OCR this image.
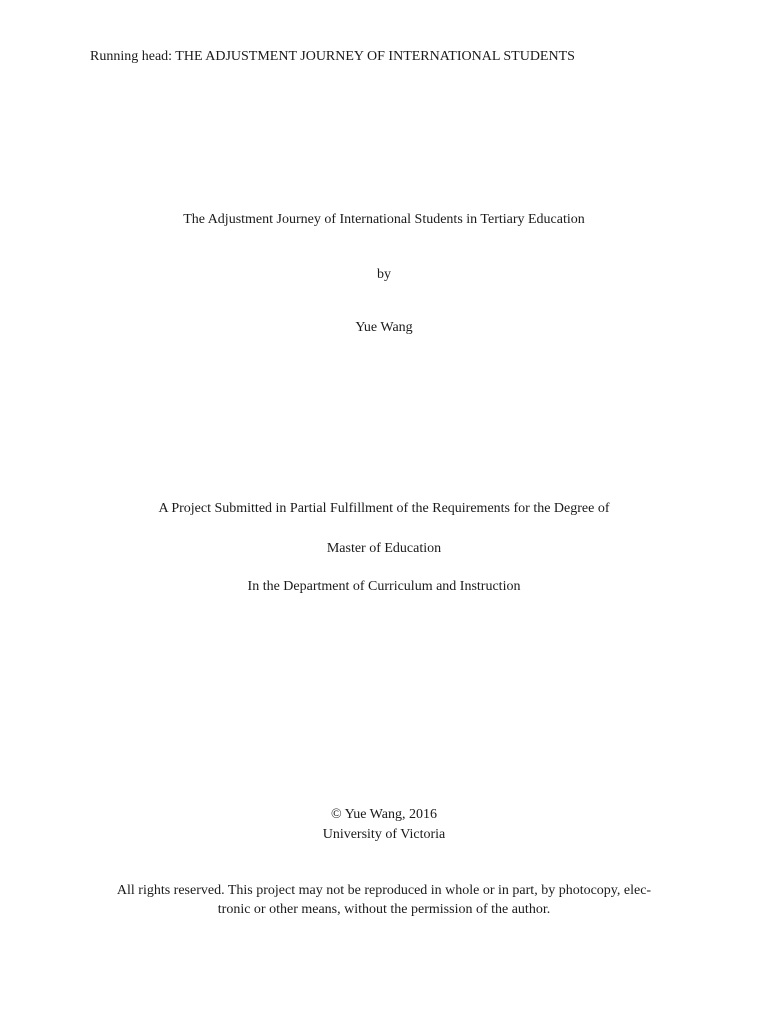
Running head: THE ADJUSTMENT JOURNEY OF INTERNATIONAL STUDENTS
The Adjustment Journey of International Students in Tertiary Education
by
Yue Wang
A Project Submitted in Partial Fulfillment of the Requirements for the Degree of
Master of Education
In the Department of Curriculum and Instruction
© Yue Wang, 2016
University of Victoria
All rights reserved. This project may not be reproduced in whole or in part, by photocopy, elec-
tronic or other means, without the permission of the author.
